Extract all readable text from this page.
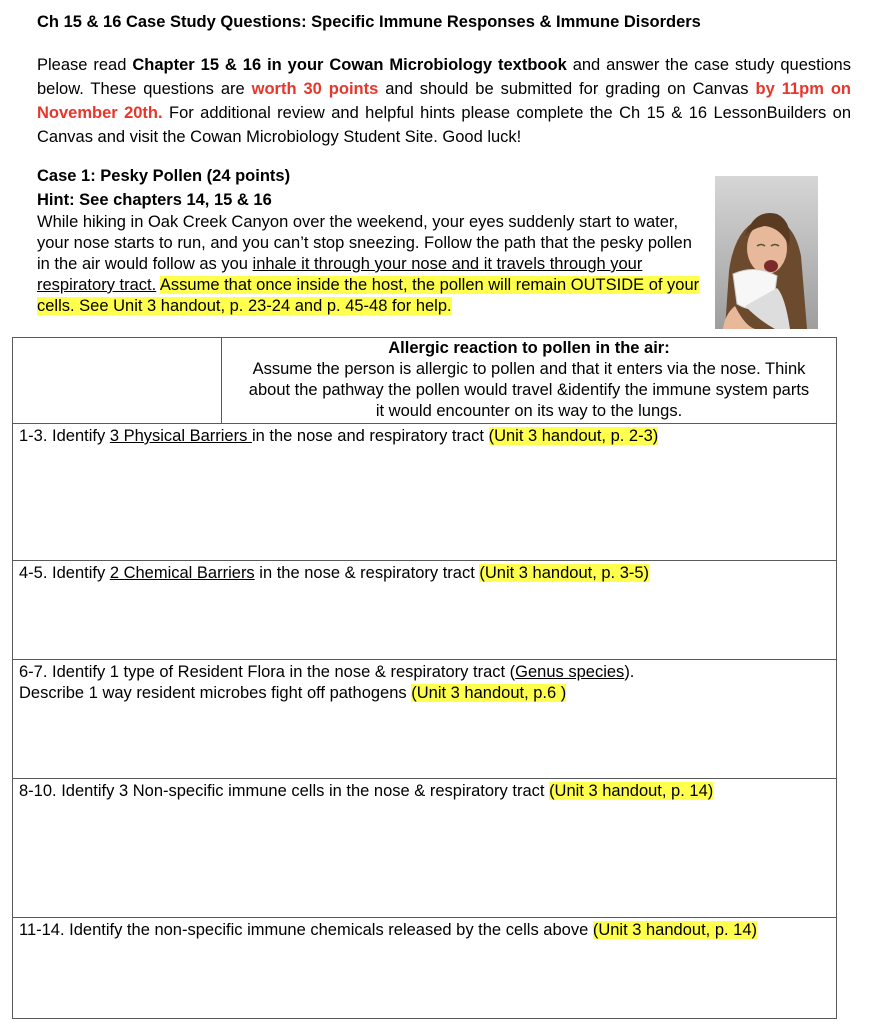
Ch 15 & 16 Case Study Questions: Specific Immune Responses & Immune Disorders
Please read Chapter 15 & 16 in your Cowan Microbiology textbook and answer the case study questions below. These questions are worth 30 points and should be submitted for grading on Canvas by 11pm on November 20th. For additional review and helpful hints please complete the Ch 15 & 16 LessonBuilders on Canvas and visit the Cowan Microbiology Student Site. Good luck!
Case 1: Pesky Pollen (24 points)
Hint: See chapters 14, 15 & 16
While hiking in Oak Creek Canyon over the weekend, your eyes suddenly start to water, your nose starts to run, and you can’t stop sneezing. Follow the path that the pesky pollen in the air would follow as you inhale it through your nose and it travels through your respiratory tract. Assume that once inside the host, the pollen will remain OUTSIDE of your cells. See Unit 3 handout, p. 23-24 and p. 45-48 for help.

Allergic reaction to pollen in the air:
Assume the person is allergic to pollen and that it enters via the nose. Think about the pathway the pollen would travel &identify the immune system parts it would encounter on its way to the lungs.

1-3. Identify 3 Physical Barriers in the nose and respiratory tract (Unit 3 handout, p. 2-3)
4-5. Identify 2 Chemical Barriers in the nose & respiratory tract (Unit 3 handout, p. 3-5)
6-7. Identify 1 type of Resident Flora in the nose & respiratory tract (Genus species).
Describe 1 way resident microbes fight off pathogens (Unit 3 handout, p.6 )
8-10. Identify 3 Non-specific immune cells in the nose & respiratory tract (Unit 3 handout, p. 14)
11-14. Identify the non-specific immune chemicals released by the cells above (Unit 3 handout, p. 14)
